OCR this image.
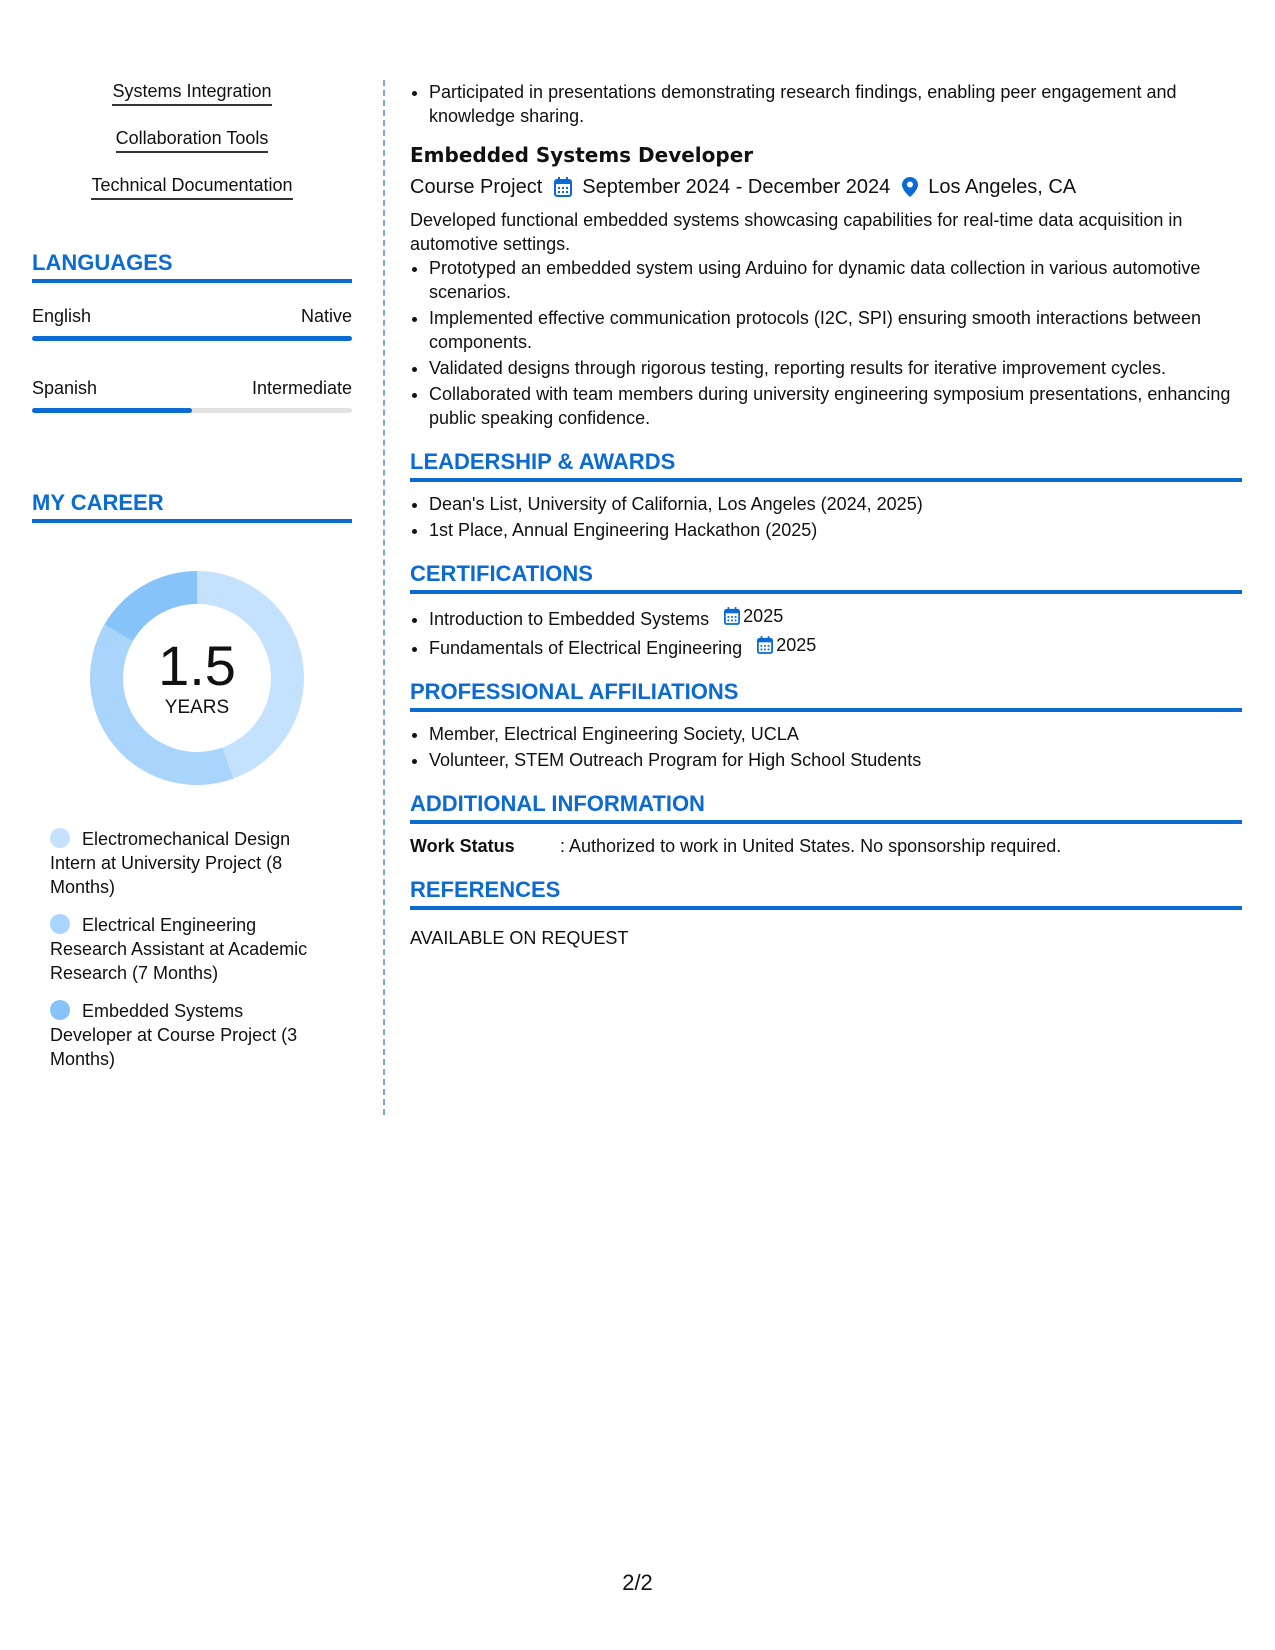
Systems Integration
Collaboration Tools
Technical Documentation
LANGUAGES
English	Native
Spanish	Intermediate
MY CAREER
1.5
YEARS
Electromechanical Design Intern at University Project (8 Months)
Electrical Engineering Research Assistant at Academic Research (7 Months)
Embedded Systems Developer at Course Project (3 Months)
• Participated in presentations demonstrating research findings, enabling peer engagement and knowledge sharing.
Embedded Systems Developer
Course Project September 2024 - December 2024 Los Angeles, CA
Developed functional embedded systems showcasing capabilities for real-time data acquisition in automotive settings.
• Prototyped an embedded system using Arduino for dynamic data collection in various automotive scenarios.
• Implemented effective communication protocols (I2C, SPI) ensuring smooth interactions between components.
• Validated designs through rigorous testing, reporting results for iterative improvement cycles.
• Collaborated with team members during university engineering symposium presentations, enhancing public speaking confidence.
LEADERSHIP & AWARDS
• Dean's List, University of California, Los Angeles (2024, 2025)
• 1st Place, Annual Engineering Hackathon (2025)
CERTIFICATIONS
• Introduction to Embedded Systems 2025
• Fundamentals of Electrical Engineering 2025
PROFESSIONAL AFFILIATIONS
• Member, Electrical Engineering Society, UCLA
• Volunteer, STEM Outreach Program for High School Students
ADDITIONAL INFORMATION
Work Status	: Authorized to work in United States. No sponsorship required.
REFERENCES
AVAILABLE ON REQUEST
2/2
